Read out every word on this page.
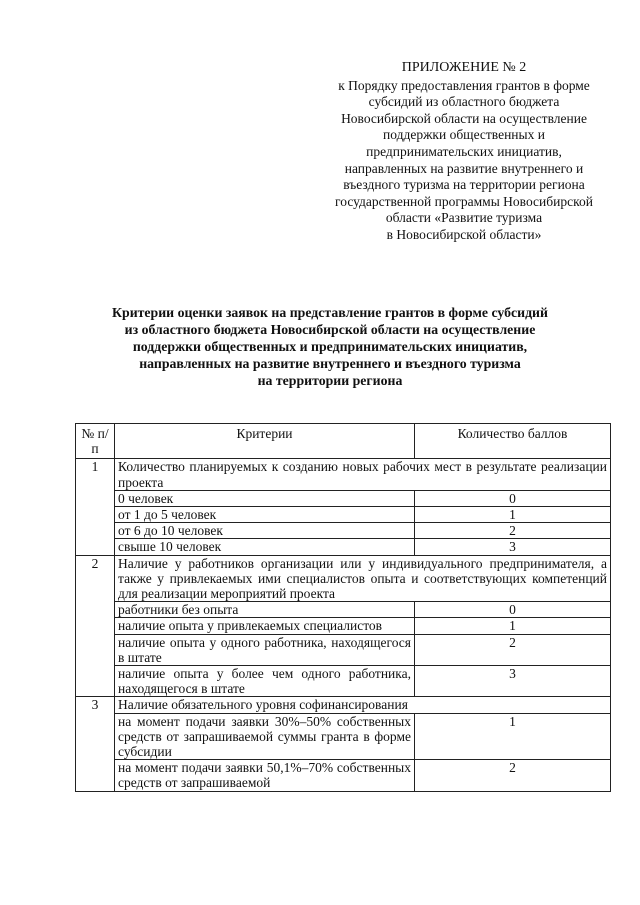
ПРИЛОЖЕНИЕ № 2
к Порядку предоставления грантов в форме
субсидий из областного бюджета
Новосибирской области на осуществление
поддержки общественных и
предпринимательских инициатив,
направленных на развитие внутреннего и
въездного туризма на территории региона
государственной программы Новосибирской
области «Развитие туризма
в Новосибирской области»
Критерии оценки заявок на представление грантов в форме субсидий
из областного бюджета Новосибирской области на осуществление
поддержки общественных и предпринимательских инициатив,
направленных на развитие внутреннего и въездного туризма
на территории региона
№ п/п	Критерии	Количество баллов
1	Количество планируемых к созданию новых рабочих мест в результате реализации проекта	
	0 человек	0
	от 1 до 5 человек	1
	от 6 до 10 человек	2
	свыше 10 человек	3
2	Наличие у работников организации или у индивидуального предпринимателя, а также у привлекаемых ими специалистов опыта и соответствующих компетенций для реализации мероприятий проекта	
	работники без опыта	0
	наличие опыта у привлекаемых специалистов	1
	наличие опыта у одного работника, находящегося в штате	2
	наличие опыта у более чем одного работника, находящегося в штате	3
3	Наличие обязательного уровня софинансирования	
	на момент подачи заявки 30%–50% собственных средств от запрашиваемой суммы гранта в форме субсидии	1
	на момент подачи заявки 50,1%–70% собственных средств от запрашиваемой	2
